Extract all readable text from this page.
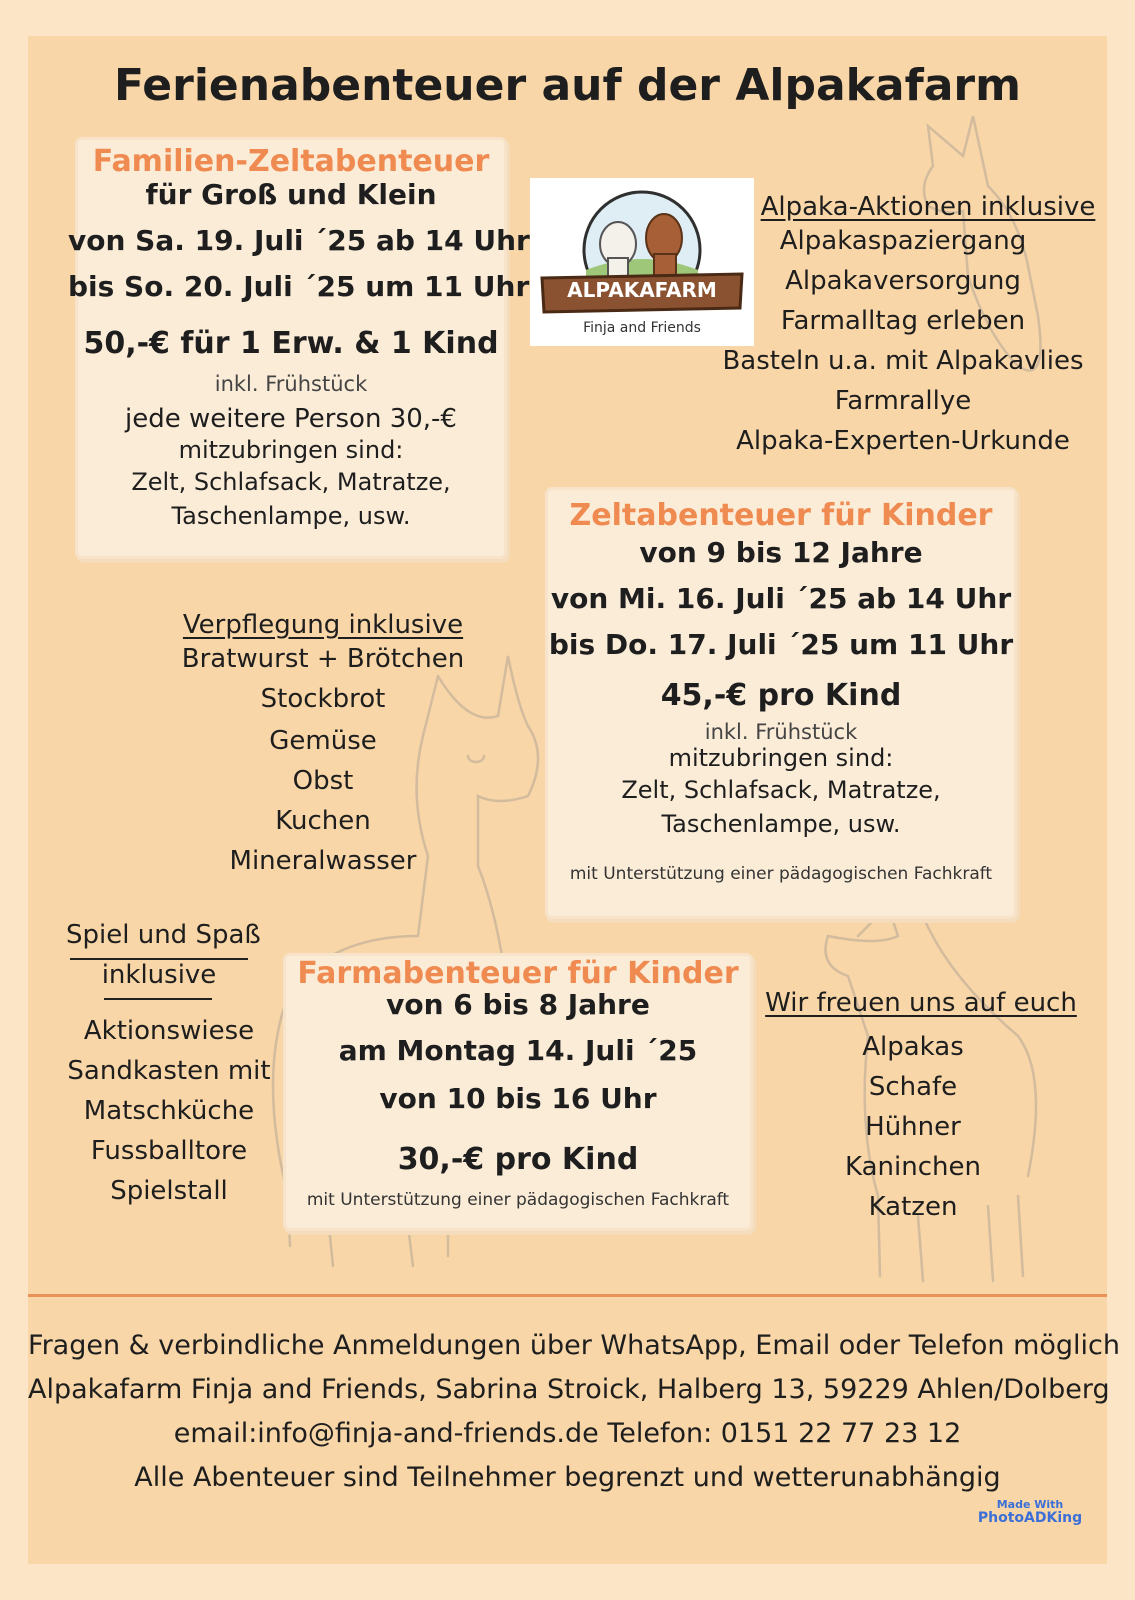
Ferienabenteuer auf der Alpakafarm
Familien-Zeltabenteuer
für Groß und Klein
von Sa. 19. Juli ´25 ab 14 Uhr
bis So. 20. Juli ´25 um 11 Uhr
50,-€ für 1 Erw. & 1 Kind
inkl. Frühstück
jede weitere Person 30,-€
mitzubringen sind:
Zelt, Schlafsack, Matratze,
Taschenlampe, usw.
ALPAKAFARM
Finja and Friends
Alpaka-Aktionen inklusive
Alpakaspaziergang
Alpakaversorgung
Farmalltag erleben
Basteln u.a. mit Alpakavlies
Farmrallye
Alpaka-Experten-Urkunde
Zeltabenteuer für Kinder
von 9 bis 12 Jahre
von Mi. 16. Juli ´25 ab 14 Uhr
bis Do. 17. Juli ´25 um 11 Uhr
45,-€ pro Kind
inkl. Frühstück
mitzubringen sind:
Zelt, Schlafsack, Matratze,
Taschenlampe, usw.
mit Unterstützung einer pädagogischen Fachkraft
Verpflegung inklusive
Bratwurst + Brötchen
Stockbrot
Gemüse
Obst
Kuchen
Mineralwasser
Spiel und Spaß
inklusive
Aktionswiese
Sandkasten mit
Matschküche
Fussballtore
Spielstall
Farmabenteuer für Kinder
von 6 bis 8 Jahre
am Montag 14. Juli ´25
von 10 bis 16 Uhr
30,-€ pro Kind
mit Unterstützung einer pädagogischen Fachkraft
Wir freuen uns auf euch
Alpakas
Schafe
Hühner
Kaninchen
Katzen
Fragen & verbindliche Anmeldungen über WhatsApp, Email oder Telefon möglich
Alpakafarm Finja and Friends, Sabrina Stroick, Halberg 13, 59229 Ahlen/Dolberg
email:info@finja-and-friends.de Telefon: 0151 22 77 23 12
Alle Abenteuer sind Teilnehmer begrenzt und wetterunabhängig
Made With
PhotoADKing
